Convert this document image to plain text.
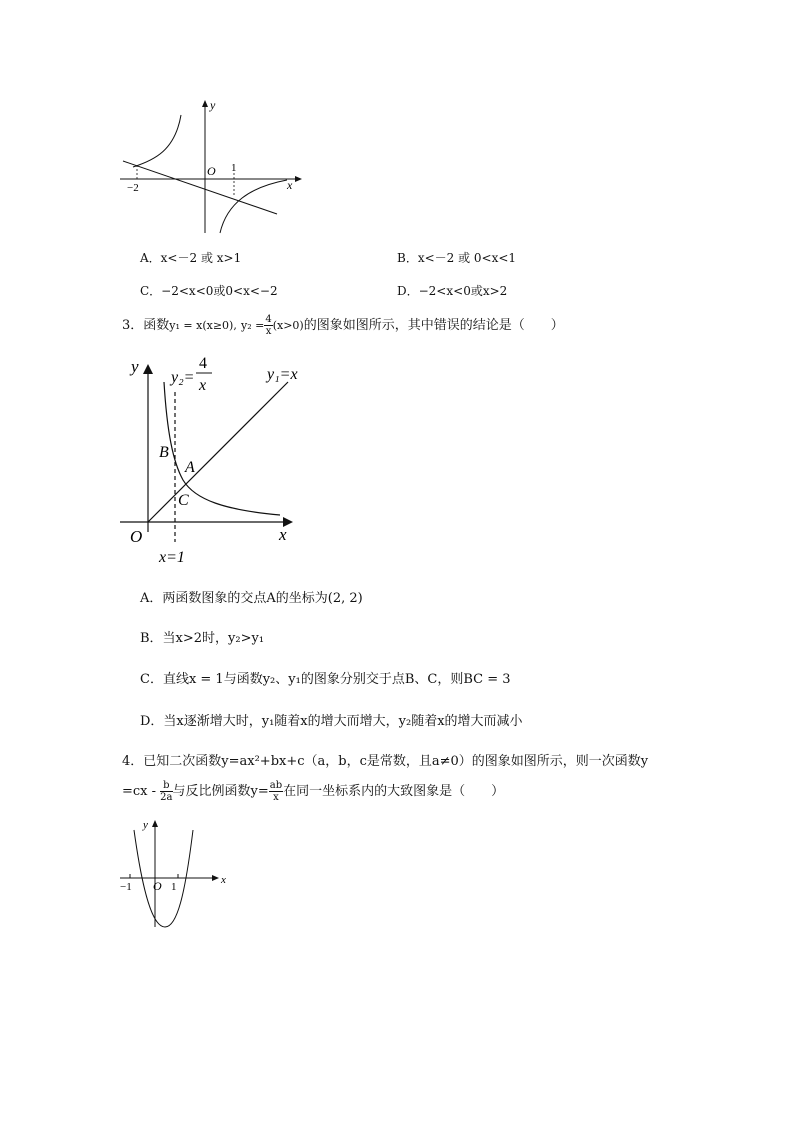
y
x
O
−2
1
A．x<－2 或 x>1	B．x<－2 或 0<x<1
C．−2<x<0或0<x<−2	D．−2<x<0或x>2
3．函数y₁ = x(x≥0), $y_2 = \frac{4}{x} (x>0)$的图象如图所示，其中错误的结论是（　　）
y
x
O
y₂=
4
x
y₁=x
B
A
C
x=1
A．两函数图象的交点A的坐标为(2, 2)
B．当x>2时，y₂>y₁
C．直线x = 1与函数y₂、y₁的图象分别交于点B、C，则BC = 3
D．当x逐渐增大时，y₁随着x的增大而增大，y₂随着x的增大而减小
4．已知二次函数y=ax²+bx+c（a，b，c是常数，且a≠0）的图象如图所示，则一次函数y
$=cx - \frac{b}{2a}$ 与反比例函数$y= \frac{ab}{x}$ 在同一坐标系内的大致图象是（　　）
y
x
O
−1	1
